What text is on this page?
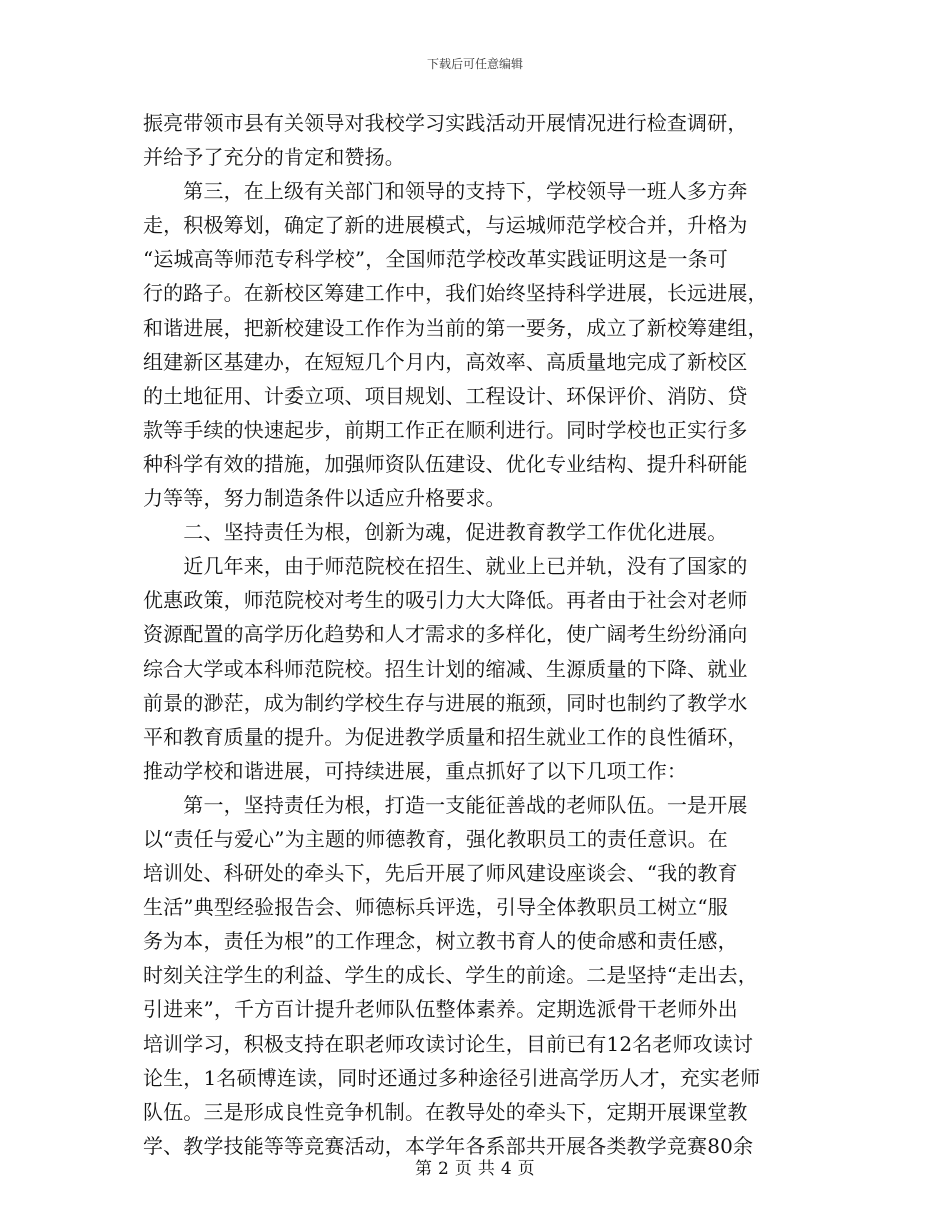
下载后可任意编辑
振亮带领市县有关领导对我校学习实践活动开展情况进行检查调研，
并给予了充分的肯定和赞扬。
　　第三，在上级有关部门和领导的支持下，学校领导一班人多方奔
走，积极筹划，确定了新的进展模式，与运城师范学校合并，升格为
“运城高等师范专科学校”，全国师范学校改革实践证明这是一条可
行的路子。在新校区筹建工作中，我们始终坚持科学进展，长远进展，
和谐进展，把新校建设工作作为当前的第一要务，成立了新校筹建组，
组建新区基建办，在短短几个月内，高效率、高质量地完成了新校区
的土地征用、计委立项、项目规划、工程设计、环保评价、消防、贷
款等手续的快速起步，前期工作正在顺利进行。同时学校也正实行多
种科学有效的措施，加强师资队伍建设、优化专业结构、提升科研能
力等等，努力制造条件以适应升格要求。
　　二、坚持责任为根，创新为魂，促进教育教学工作优化进展。
　　近几年来，由于师范院校在招生、就业上已并轨，没有了国家的
优惠政策，师范院校对考生的吸引力大大降低。再者由于社会对老师
资源配置的高学历化趋势和人才需求的多样化，使广阔考生纷纷涌向
综合大学或本科师范院校。招生计划的缩减、生源质量的下降、就业
前景的渺茫，成为制约学校生存与进展的瓶颈，同时也制约了教学水
平和教育质量的提升。为促进教学质量和招生就业工作的良性循环，
推动学校和谐进展，可持续进展，重点抓好了以下几项工作：
　　第一，坚持责任为根，打造一支能征善战的老师队伍。一是开展
以“责任与爱心”为主题的师德教育，强化教职员工的责任意识。在
培训处、科研处的牵头下，先后开展了师风建设座谈会、“我的教育
生活”典型经验报告会、师德标兵评选，引导全体教职员工树立“服
务为本，责任为根”的工作理念，树立教书育人的使命感和责任感，
时刻关注学生的利益、学生的成长、学生的前途。二是坚持“走出去，
引进来”，千方百计提升老师队伍整体素养。定期选派骨干老师外出
培训学习，积极支持在职老师攻读讨论生，目前已有12名老师攻读讨
论生，1名硕博连读，同时还通过多种途径引进高学历人才，充实老师
队伍。三是形成良性竞争机制。在教导处的牵头下，定期开展课堂教
学、教学技能等等竞赛活动，本学年各系部共开展各类教学竞赛80余
第 2 页 共 4 页
